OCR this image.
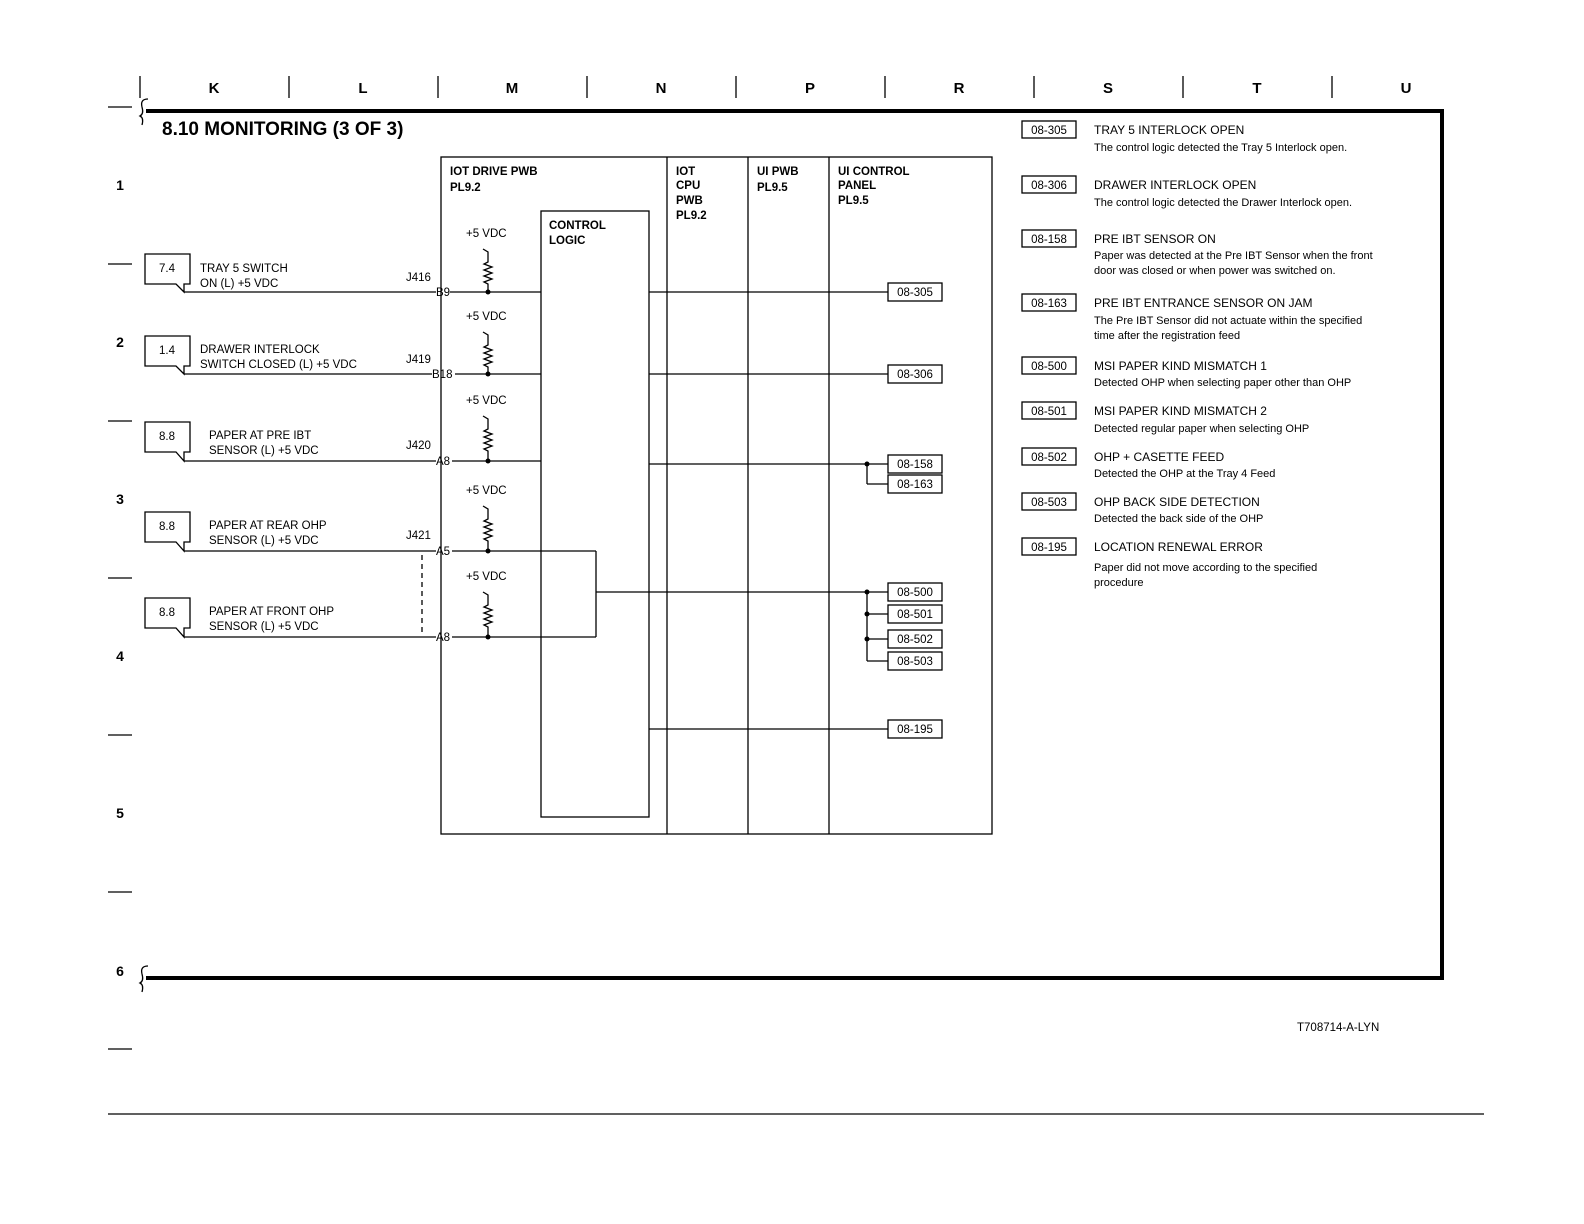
K	L	M	N	P	R	S	T	U
1
2
3
4
5
6
8.10 MONITORING (3 OF 3)
IOT DRIVE PWB
PL9.2
IOT
CPU
PWB
PL9.2
UI PWB
PL9.5
UI CONTROL
PANEL
PL9.5
CONTROL
LOGIC
+5 VDC
+5 VDC
+5 VDC
+5 VDC
+5 VDC
7.4 TRAY 5 SWITCH
ON (L) +5 VDC	J416
B9
1.4 DRAWER INTERLOCK
SWITCH CLOSED (L) +5 VDC	J419
B18
8.8	PAPER AT PRE IBT
SENSOR (L) +5 VDC	J420
A8
8.8	PAPER AT REAR OHP
SENSOR (L) +5 VDC	J421
A5
8.8	PAPER AT FRONT OHP
SENSOR (L) +5 VDC
A8
08-305
08-306
08-158
08-163
08-500
08-501
08-502
08-503
08-195
08-305 TRAY 5 INTERLOCK OPEN
The control logic detected the Tray 5 Interlock open.
08-306 DRAWER INTERLOCK OPEN
The control logic detected the Drawer Interlock open.
08-158 PRE IBT SENSOR ON
Paper was detected at the Pre IBT Sensor when the front
door was closed or when power was switched on.
08-163 PRE IBT ENTRANCE SENSOR ON JAM
The Pre IBT Sensor did not actuate within the specified
time after the registration feed
08-500 MSI PAPER KIND MISMATCH 1
Detected OHP when selecting paper other than OHP
08-501 MSI PAPER KIND MISMATCH 2
Detected regular paper when selecting OHP
08-502 OHP + CASETTE FEED
Detected the OHP at the Tray 4 Feed
08-503 OHP BACK SIDE DETECTION
Detected the back side of the OHP
08-195 LOCATION RENEWAL ERROR
Paper did not move according to the specified
procedure
T708714-A-LYN
